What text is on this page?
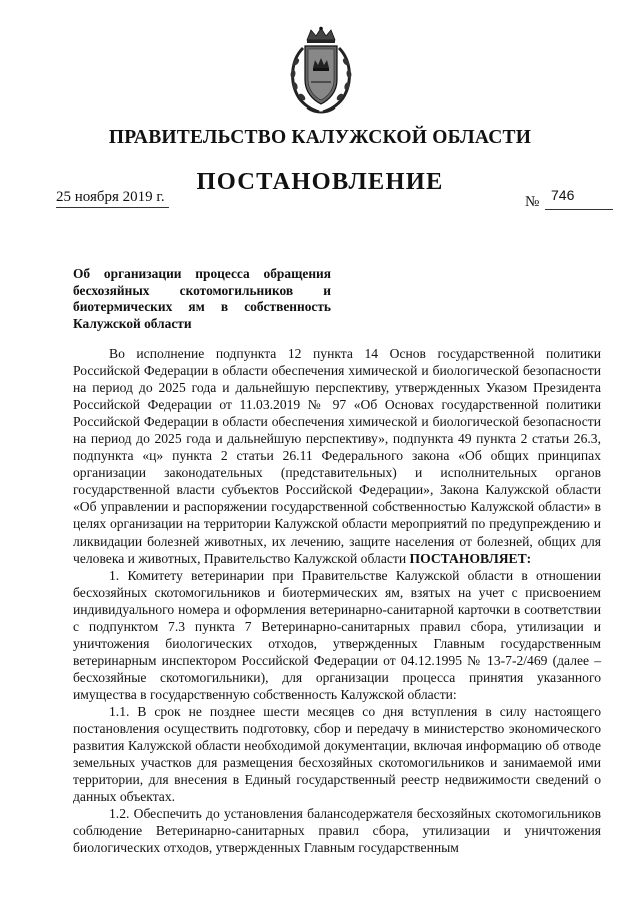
ПРАВИТЕЛЬСТВО КАЛУЖСКОЙ ОБЛАСТИ
ПОСТАНОВЛЕНИЕ
25 ноября 2019 г.	№ 746
Об организации процесса обращения бесхозяйных скотомогильников и биотермических ям в собственность Калужской области

Во исполнение подпункта 12 пункта 14 Основ государственной политики Российской Федерации в области обеспечения химической и биологической безопасности на период до 2025 года и дальнейшую перспективу, утвержденных Указом Президента Российской Федерации от 11.03.2019 № 97 «Об Основах государственной политики Российской Федерации в области обеспечения химической и биологической безопасности на период до 2025 года и дальнейшую перспективу», подпункта 49 пункта 2 статьи 26.3, подпункта «ц» пункта 2 статьи 26.11 Федерального закона «Об общих принципах организации законодательных (представительных) и исполнительных органов государственной власти субъектов Российской Федерации», Закона Калужской области «Об управлении и распоряжении государственной собственностью Калужской области» в целях организации на территории Калужской области мероприятий по предупреждению и ликвидации болезней животных, их лечению, защите населения от болезней, общих для человека и животных, Правительство Калужской области ПОСТАНОВЛЯЕТ:

1. Комитету ветеринарии при Правительстве Калужской области в отношении бесхозяйных скотомогильников и биотермических ям, взятых на учет с присвоением индивидуального номера и оформления ветеринарно-санитарной карточки в соответствии с подпунктом 7.3 пункта 7 Ветеринарно-санитарных правил сбора, утилизации и уничтожения биологических отходов, утвержденных Главным государственным ветеринарным инспектором Российской Федерации от 04.12.1995 № 13-7-2/469 (далее – бесхозяйные скотомогильники), для организации процесса принятия указанного имущества в государственную собственность Калужской области:

1.1. В срок не позднее шести месяцев со дня вступления в силу настоящего постановления осуществить подготовку, сбор и передачу в министерство экономического развития Калужской области необходимой документации, включая информацию об отводе земельных участков для размещения бесхозяйных скотомогильников и занимаемой ими территории, для внесения в Единый государственный реестр недвижимости сведений о данных объектах.

1.2. Обеспечить до установления балансодержателя бесхозяйных скотомогильников соблюдение Ветеринарно-санитарных правил сбора, утилизации и уничтожения биологических отходов, утвержденных Главным государственным
